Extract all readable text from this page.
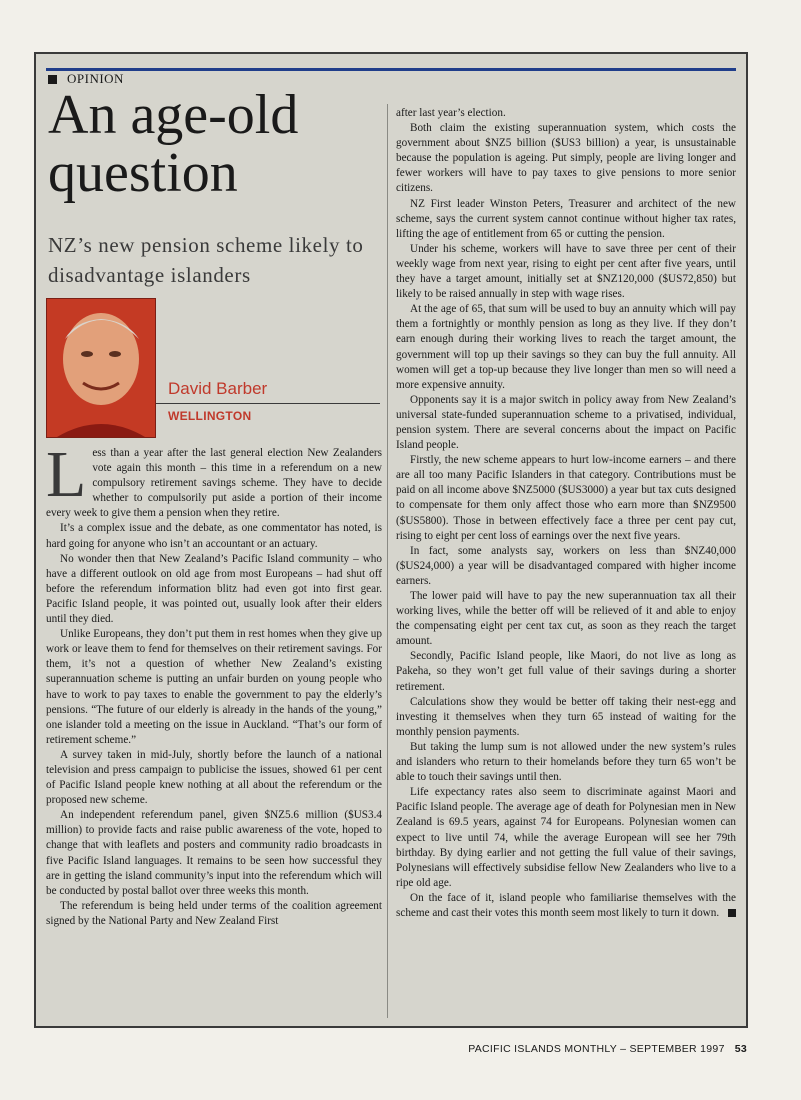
OPINION
An age-old question
NZ’s new pension scheme likely to disadvantage islanders
David Barber
WELLINGTON

Less than a year after the last general election New Zealanders vote again this month – this time in a referendum on a new compulsory retirement savings scheme. They have to decide whether to compulsorily put aside a portion of their income every week to give them a pension when they retire.

It’s a complex issue and the debate, as one commentator has noted, is hard going for anyone who isn’t an accountant or an actuary.

No wonder then that New Zealand’s Pacific Island community – who have a different outlook on old age from most Europeans – had shut off before the referendum information blitz had even got into first gear. Pacific Island people, it was pointed out, usually look after their elders until they died.

Unlike Europeans, they don’t put them in rest homes when they give up work or leave them to fend for themselves on their retirement savings. For them, it’s not a question of whether New Zealand’s existing superannuation scheme is putting an unfair burden on young people who have to work to pay taxes to enable the government to pay the elderly’s pensions. “The future of our elderly is already in the hands of the young,” one islander told a meeting on the issue in Auckland. “That’s our form of retirement scheme.”

A survey taken in mid-July, shortly before the launch of a national television and press campaign to publicise the issues, showed 61 per cent of Pacific Island people knew nothing at all about the referendum or the proposed new scheme.

An independent referendum panel, given $NZ5.6 million ($US3.4 million) to provide facts and raise public awareness of the vote, hoped to change that with leaflets and posters and community radio broadcasts in five Pacific Island languages. It remains to be seen how successful they are in getting the island community’s input into the referendum which will be conducted by postal ballot over three weeks this month.

The referendum is being held under terms of the coalition agreement signed by the National Party and New Zealand First

after last year’s election.

Both claim the existing superannuation system, which costs the government about $NZ5 billion ($US3 billion) a year, is unsustainable because the population is ageing. Put simply, people are living longer and fewer workers will have to pay taxes to give pensions to more senior citizens.

NZ First leader Winston Peters, Treasurer and architect of the new scheme, says the current system cannot continue without higher tax rates, lifting the age of entitlement from 65 or cutting the pension.

Under his scheme, workers will have to save three per cent of their weekly wage from next year, rising to eight per cent after five years, until they have a target amount, initially set at $NZ120,000 ($US72,850) but likely to be raised annually in step with wage rises.

At the age of 65, that sum will be used to buy an annuity which will pay them a fortnightly or monthly pension as long as they live. If they don’t earn enough during their working lives to reach the target amount, the government will top up their savings so they can buy the full annuity. All women will get a top-up because they live longer than men so will need a more expensive annuity.

Opponents say it is a major switch in policy away from New Zealand’s universal state-funded superannuation scheme to a privatised, individual, pension system. There are several concerns about the impact on Pacific Island people.

Firstly, the new scheme appears to hurt low-income earners – and there are all too many Pacific Islanders in that category. Contributions must be paid on all income above $NZ5000 ($US3000) a year but tax cuts designed to compensate for them only affect those who earn more than $NZ9500 ($US5800). Those in between effectively face a three per cent pay cut, rising to eight per cent loss of earnings over the next five years.

In fact, some analysts say, workers on less than $NZ40,000 ($US24,000) a year will be disadvantaged compared with higher income earners.

The lower paid will have to pay the new superannuation tax all their working lives, while the better off will be relieved of it and able to enjoy the compensating eight per cent tax cut, as soon as they reach the target amount.

Secondly, Pacific Island people, like Maori, do not live as long as Pakeha, so they won’t get full value of their savings during a shorter retirement.

Calculations show they would be better off taking their nest-egg and investing it themselves when they turn 65 instead of waiting for the monthly pension payments.

But taking the lump sum is not allowed under the new system’s rules and islanders who return to their homelands before they turn 65 won’t be able to touch their savings until then.

Life expectancy rates also seem to discriminate against Maori and Pacific Island people. The average age of death for Polynesian men in New Zealand is 69.5 years, against 74 for Europeans. Polynesian women can expect to live until 74, while the average European will see her 79th birthday. By dying earlier and not getting the full value of their savings, Polynesians will effectively subsidise fellow New Zealanders who live to a ripe old age.

On the face of it, island people who familiarise themselves with the scheme and cast their votes this month seem most likely to turn it down.

PACIFIC ISLANDS MONTHLY – SEPTEMBER 1997 53
